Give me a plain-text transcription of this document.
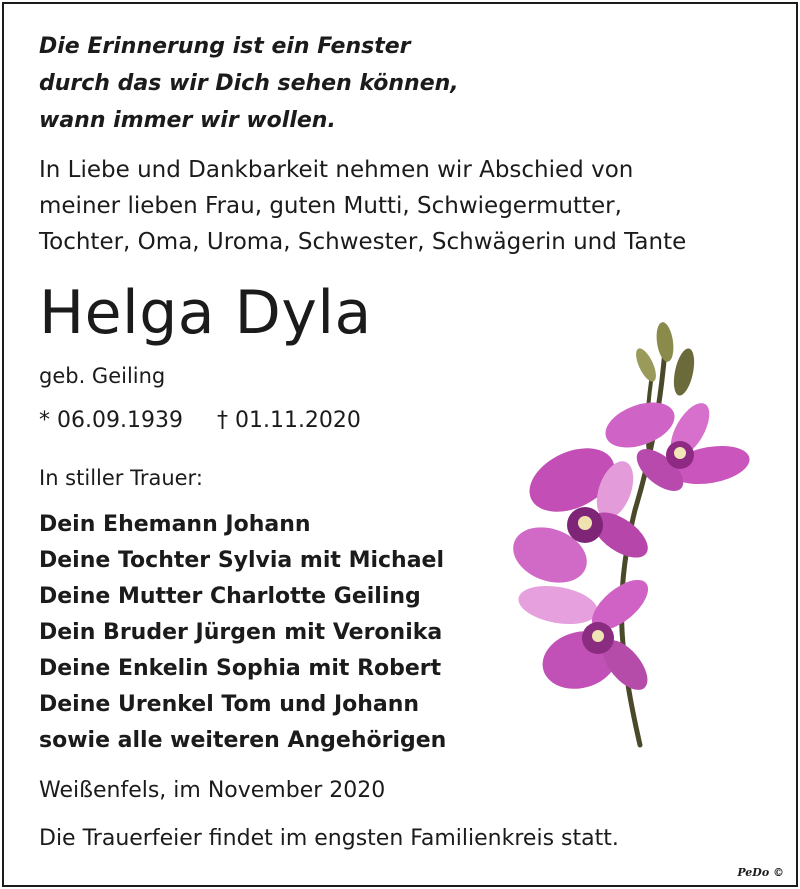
Die Erinnerung ist ein Fenster
durch das wir Dich sehen können,
wann immer wir wollen.
In Liebe und Dankbarkeit nehmen wir Abschied von
meiner lieben Frau, guten Mutti, Schwiegermutter,
Tochter, Oma, Uroma, Schwester, Schwägerin und Tante
Helga Dyla
geb. Geiling
* 06.09.1939 † 01.11.2020
In stiller Trauer:
Dein Ehemann Johann
Deine Tochter Sylvia mit Michael
Deine Mutter Charlotte Geiling
Dein Bruder Jürgen mit Veronika
Deine Enkelin Sophia mit Robert
Deine Urenkel Tom und Johann
sowie alle weiteren Angehörigen
Weißenfels, im November 2020
Die Trauerfeier findet im engsten Familienkreis statt.
PeDo ©
